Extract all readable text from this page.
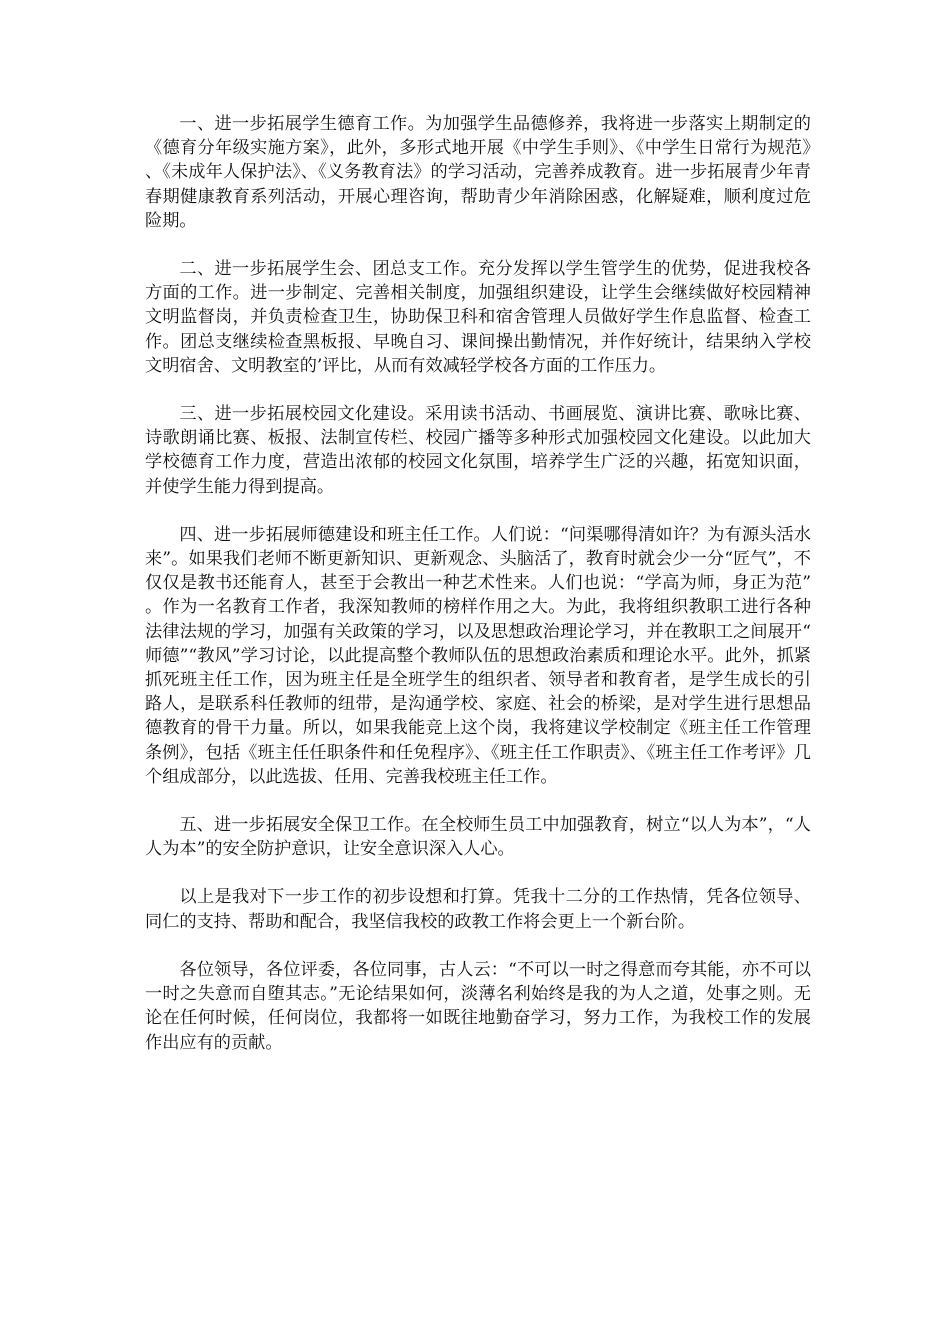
一、进一步拓展学生德育工作。为加强学生品德修养，我将进一步落实上期制定的《德育分年级实施方案》，此外，多形式地开展《中学生手则》、《中学生日常行为规范》、《未成年人保护法》、《义务教育法》的学习活动，完善养成教育。进一步拓展青少年青春期健康教育系列活动，开展心理咨询，帮助青少年消除困惑，化解疑难，顺利度过危险期。

二、进一步拓展学生会、团总支工作。充分发挥以学生管学生的优势，促进我校各方面的工作。进一步制定、完善相关制度，加强组织建设，让学生会继续做好校园精神文明监督岗，并负责检查卫生，协助保卫科和宿舍管理人员做好学生作息监督、检查工作。团总支继续检查黑板报、早晚自习、课间操出勤情况，并作好统计，结果纳入学校文明宿舍、文明教室的’评比，从而有效减轻学校各方面的工作压力。

三、进一步拓展校园文化建设。采用读书活动、书画展览、演讲比赛、歌咏比赛、诗歌朗诵比赛、板报、法制宣传栏、校园广播等多种形式加强校园文化建设。以此加大学校德育工作力度，营造出浓郁的校园文化氛围，培养学生广泛的兴趣，拓宽知识面，并使学生能力得到提高。

四、进一步拓展师德建设和班主任工作。人们说：“问渠哪得清如许？为有源头活水来”。如果我们老师不断更新知识、更新观念、头脑活了，教育时就会少一分“匠气”，不仅仅是教书还能育人，甚至于会教出一种艺术性来。人们也说：“学高为师，身正为范”。作为一名教育工作者，我深知教师的榜样作用之大。为此，我将组织教职工进行各种法律法规的学习，加强有关政策的学习，以及思想政治理论学习，并在教职工之间展开“师德”“教风”学习讨论，以此提高整个教师队伍的思想政治素质和理论水平。此外，抓紧抓死班主任工作，因为班主任是全班学生的组织者、领导者和教育者，是学生成长的引路人，是联系科任教师的纽带，是沟通学校、家庭、社会的桥梁，是对学生进行思想品德教育的骨干力量。所以，如果我能竞上这个岗，我将建议学校制定《班主任工作管理条例》，包括《班主任任职条件和任免程序》、《班主任工作职责》、《班主任工作考评》几个组成部分，以此选拔、任用、完善我校班主任工作。

五、进一步拓展安全保卫工作。在全校师生员工中加强教育，树立“以人为本”，“人人为本”的安全防护意识，让安全意识深入人心。

以上是我对下一步工作的初步设想和打算。凭我十二分的工作热情，凭各位领导、同仁的支持、帮助和配合，我坚信我校的政教工作将会更上一个新台阶。

各位领导，各位评委，各位同事，古人云：“不可以一时之得意而夸其能，亦不可以一时之失意而自堕其志。”无论结果如何，淡薄名利始终是我的为人之道，处事之则。无论在任何时候，任何岗位，我都将一如既往地勤奋学习，努力工作，为我校工作的发展作出应有的贡献。
